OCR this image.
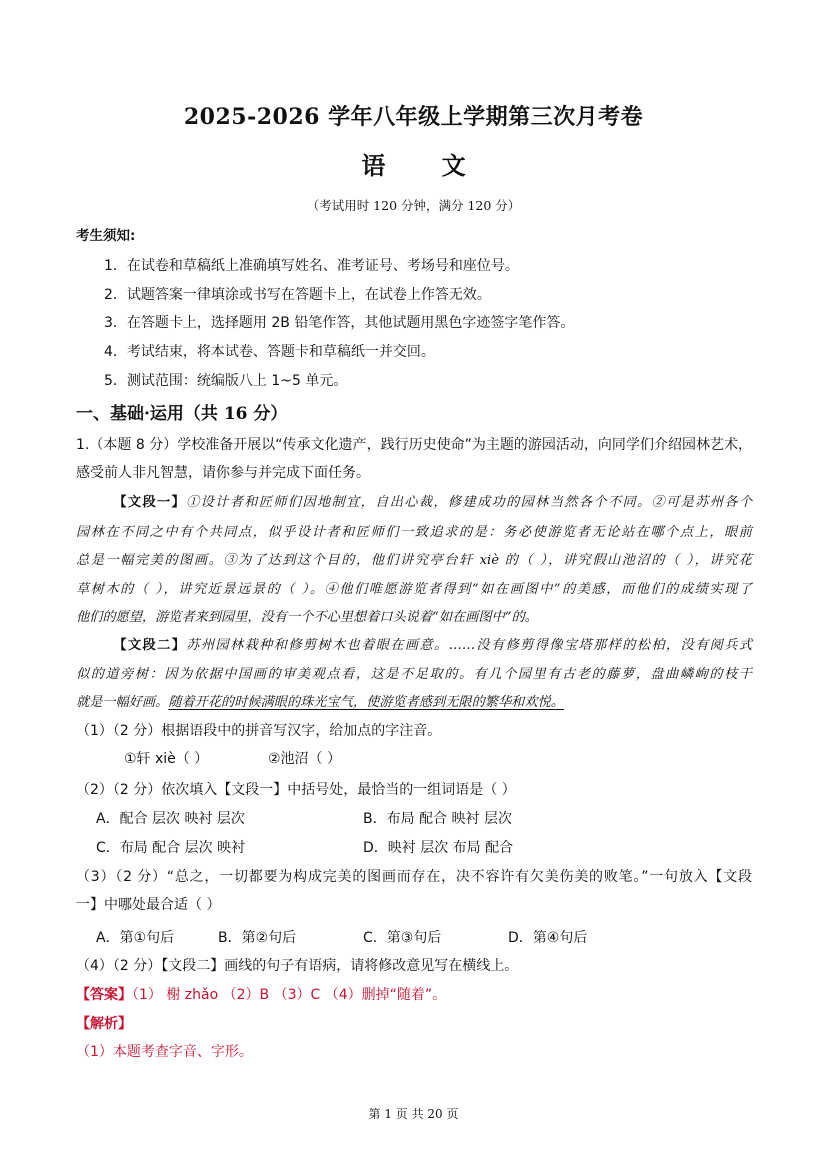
2025-2026 学年八年级上学期第三次月考卷
语 文
（考试用时 120 分钟，满分 120 分）
考生须知:
1．在试卷和草稿纸上准确填写姓名、准考证号、考场号和座位号。
2．试题答案一律填涂或书写在答题卡上，在试卷上作答无效。
3．在答题卡上，选择题用 2B 铅笔作答，其他试题用黑色字迹签字笔作答。
4．考试结束，将本试卷、答题卡和草稿纸一并交回。
5．测试范围：统编版八上 1~5 单元。
一、基础·运用（共 16 分）
1.（本题 8 分）学校准备开展以“传承文化遗产，践行历史使命”为主题的游园活动，向同学们介绍园林艺术，
感受前人非凡智慧，请你参与并完成下面任务。
【文段一】①设计者和匠师们因地制宜，自出心裁，修建成功的园林当然各个不同。②可是苏州各个
园林在不同之中有个共同点，似乎设计者和匠师们一致追求的是：务必使游览者无论站在哪个点上，眼前
总是一幅完美的图画。③为了达到这个目的，他们讲究亭台轩 xiè 的（ ），讲究假山池沼的（ ），讲究花
草树木的（ ），讲究近景远景的（ ）。④他们唯愿游览者得到“如在画图中”的美感，而他们的成绩实现了
他们的愿望，游览者来到园里，没有一个不心里想着口头说着“如在画图中”的。
【文段二】苏州园林栽种和修剪树木也着眼在画意。……没有修剪得像宝塔那样的松柏，没有阅兵式
似的道旁树：因为依据中国画的审美观点看，这是不足取的。有几个园里有古老的藤萝，盘曲嶙峋的枝干
就是一幅好画。随着开花的时候满眼的珠光宝气，使游览者感到无限的繁华和欢悦。
（1）（2 分）根据语段中的拼音写汉字，给加点的字注音。
①轩 xiè（ ）	②池沼（ ）
（2）（2 分）依次填入【文段一】中括号处，最恰当的一组词语是（ ）
A．配合 层次 映衬 层次	B．布局 配合 映衬 层次
C．布局 配合 层次 映衬	D．映衬 层次 布局 配合
（3）（2 分）“总之，一切都要为构成完美的图画而存在，决不容许有欠美伤美的败笔。”一句放入【文段
一】中哪处最合适（ ）
A．第①句后	B．第②句后	C．第③句后	D．第④句后
（4）（2 分）【文段二】画线的句子有语病，请将修改意见写在横线上。
【答案】（1） 榭 zhǎo （2）B （3）C （4）删掉“随着”。
【解析】
（1）本题考查字音、字形。
第 1 页 共 20 页
